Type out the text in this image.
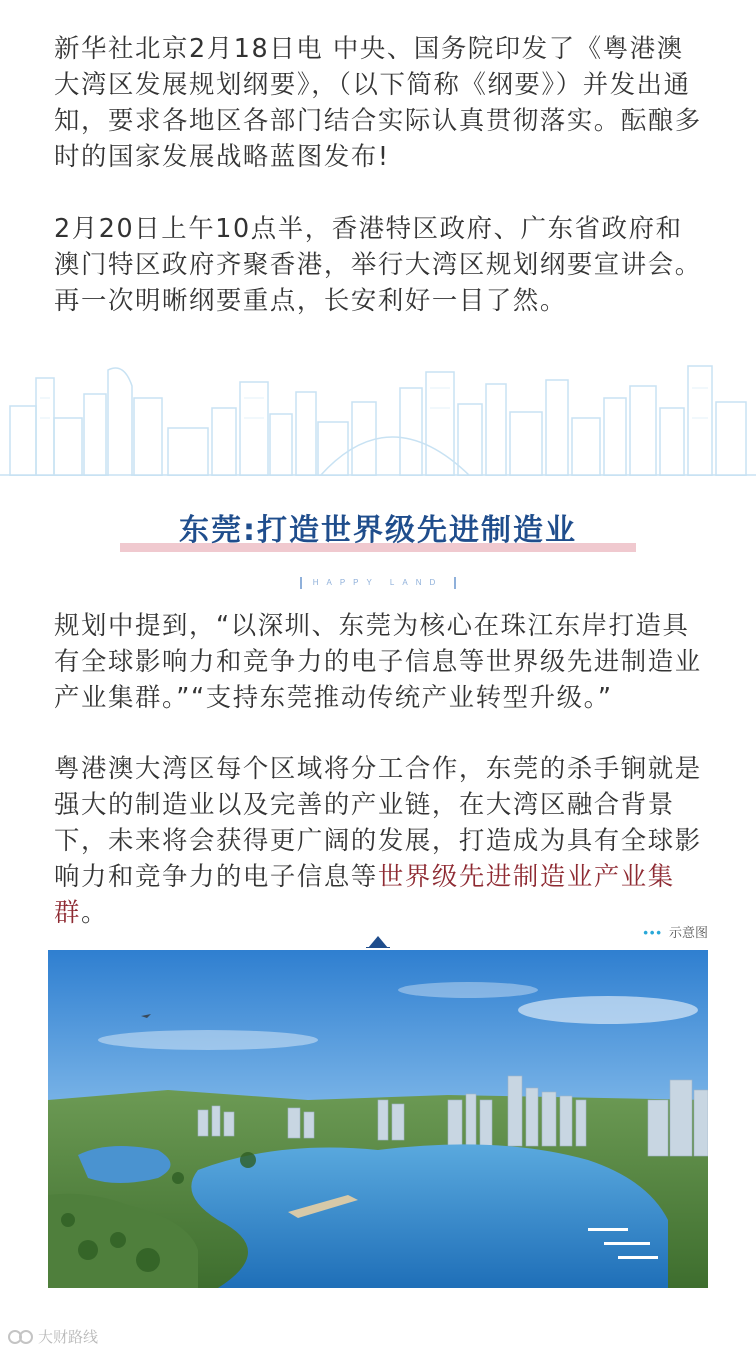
新华社北京2月18日电 中央、国务院印发了《粤港澳大湾区发展规划纲要》，（以下简称《纲要》）并发出通知，要求各地区各部门结合实际认真贯彻落实。酝酿多时的国家发展战略蓝图发布!

2月20日上午10点半，香港特区政府、广东省政府和澳门特区政府齐聚香港，举行大湾区规划纲要宣讲会。再一次明晰纲要重点，长安利好一目了然。

东莞:打造世界级先进制造业
HAPPY LAND

规划中提到，“以深圳、东莞为核心在珠江东岸打造具有全球影响力和竞争力的电子信息等世界级先进制造业产业集群。”“支持东莞推动传统产业转型升级。”

粤港澳大湾区每个区域将分工合作，东莞的杀手锏就是强大的制造业以及完善的产业链，在大湾区融合背景下，未来将会获得更广阔的发展，打造成为具有全球影响力和竞争力的电子信息等世界级先进制造业产业集群。

••• 示意图
大财路线
